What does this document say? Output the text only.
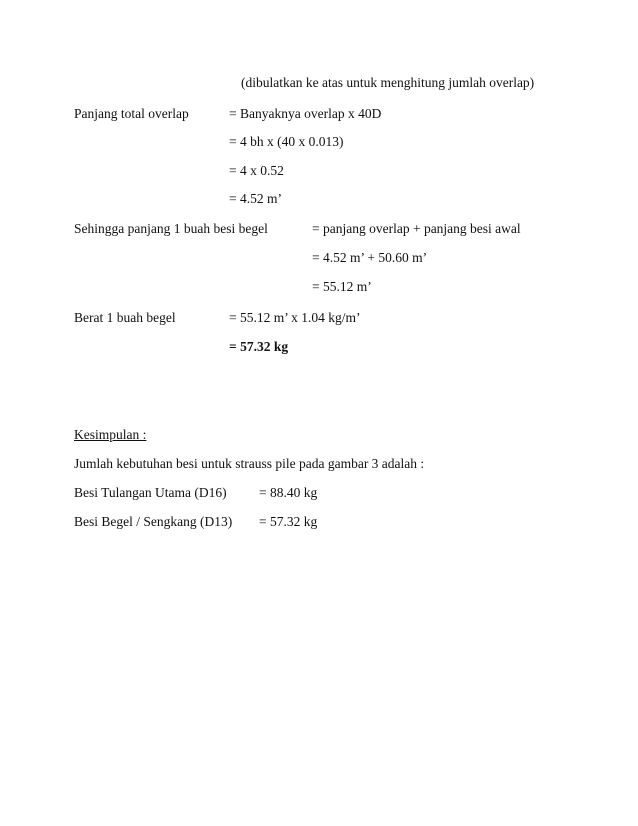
(dibulatkan ke atas untuk menghitung jumlah overlap)
Panjang total overlap	= Banyaknya overlap x 40D
= 4 bh x (40 x 0.013)
= 4 x 0.52
= 4.52 m’
Sehingga panjang 1 buah besi begel	= panjang overlap + panjang besi awal
= 4.52 m’ + 50.60 m’
= 55.12 m’
Berat 1 buah begel	= 55.12 m’ x 1.04 kg/m’
= 57.32 kg
Kesimpulan :
Jumlah kebutuhan besi untuk strauss pile pada gambar 3 adalah :
Besi Tulangan Utama (D16) = 88.40 kg
Besi Begel / Sengkang (D13) = 57.32 kg
